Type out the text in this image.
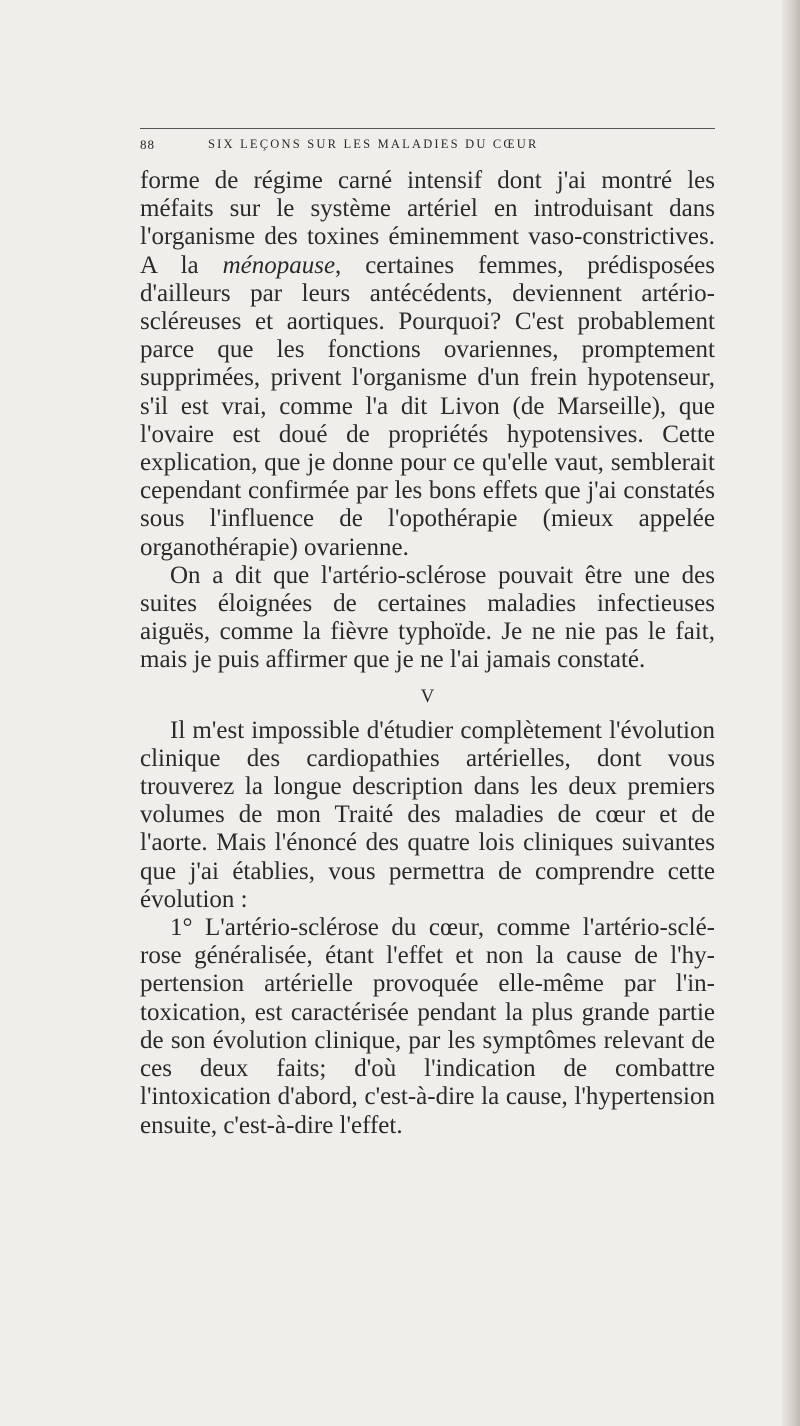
88	SIX LEÇONS SUR LES MALADIES DU CŒUR

forme de régime carné intensif dont j'ai montré les méfaits sur le système artériel en introduisant dans l'organisme des toxines éminemment vaso-constrictives. A la ménopause, certaines femmes, prédisposées d'ailleurs par leurs antécédents, deviennent artério-scléreuses et aortiques. Pourquoi? C'est probablement parce que les fonctions ovariennes, promptement supprimées, privent l'organisme d'un frein hypotenseur, s'il est vrai, comme l'a dit Livon (de Marseille), que l'ovaire est doué de propriétés hypotensives. Cette explication, que je donne pour ce qu'elle vaut, semblerait cependant confirmée par les bons effets que j'ai constatés sous l'influence de l'opothérapie (mieux appelée organothérapie) ovarienne.

On a dit que l'artério-sclérose pouvait être une des suites éloignées de certaines maladies infectieuses aiguës, comme la fièvre typhoïde. Je ne nie pas le fait, mais je puis affirmer que je ne l'ai jamais constaté.

V

Il m'est impossible d'étudier complètement l'évolution clinique des cardiopathies artérielles, dont vous trouverez la longue description dans les deux premiers volumes de mon Traité des maladies de cœur et de l'aorte. Mais l'énoncé des quatre lois cliniques suivantes que j'ai établies, vous permettra de comprendre cette évolution :

1° L'artério-sclérose du cœur, comme l'artério-sclérose généralisée, étant l'effet et non la cause de l'hypertension artérielle provoquée elle-même par l'intoxication, est caractérisée pendant la plus grande partie de son évolution clinique, par les symptômes relevant de ces deux faits; d'où l'indication de combattre l'intoxication d'abord, c'est-à-dire la cause, l'hypertension ensuite, c'est-à-dire l'effet.
